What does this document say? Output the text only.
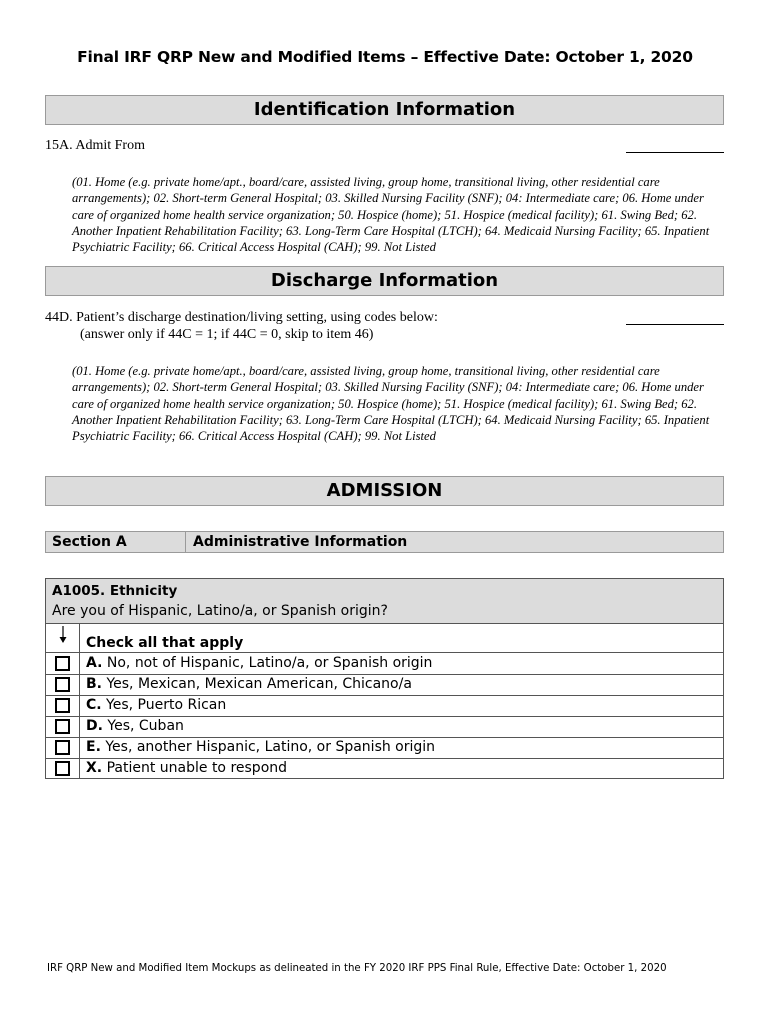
Final IRF QRP New and Modified Items – Effective Date: October 1, 2020
Identification Information
15A. Admit From
(01. Home (e.g. private home/apt., board/care, assisted living, group home, transitional living, other residential care arrangements); 02. Short-term General Hospital; 03. Skilled Nursing Facility (SNF); 04: Intermediate care; 06. Home under care of organized home health service organization; 50. Hospice (home); 51. Hospice (medical facility); 61. Swing Bed; 62. Another Inpatient Rehabilitation Facility; 63. Long-Term Care Hospital (LTCH); 64. Medicaid Nursing Facility; 65. Inpatient Psychiatric Facility; 66. Critical Access Hospital (CAH); 99. Not Listed
Discharge Information
44D. Patient’s discharge destination/living setting, using codes below:
(answer only if 44C = 1; if 44C = 0, skip to item 46)
(01. Home (e.g. private home/apt., board/care, assisted living, group home, transitional living, other residential care arrangements); 02. Short-term General Hospital; 03. Skilled Nursing Facility (SNF); 04: Intermediate care; 06. Home under care of organized home health service organization; 50. Hospice (home); 51. Hospice (medical facility); 61. Swing Bed; 62. Another Inpatient Rehabilitation Facility; 63. Long-Term Care Hospital (LTCH); 64. Medicaid Nursing Facility; 65. Inpatient Psychiatric Facility; 66. Critical Access Hospital (CAH); 99. Not Listed
ADMISSION
Section A	Administrative Information
A1005. Ethnicity
Are you of Hispanic, Latino/a, or Spanish origin?
Check all that apply
A. No, not of Hispanic, Latino/a, or Spanish origin
B. Yes, Mexican, Mexican American, Chicano/a
C. Yes, Puerto Rican
D. Yes, Cuban
E. Yes, another Hispanic, Latino, or Spanish origin
X. Patient unable to respond
IRF QRP New and Modified Item Mockups as delineated in the FY 2020 IRF PPS Final Rule, Effective Date: October 1, 2020
